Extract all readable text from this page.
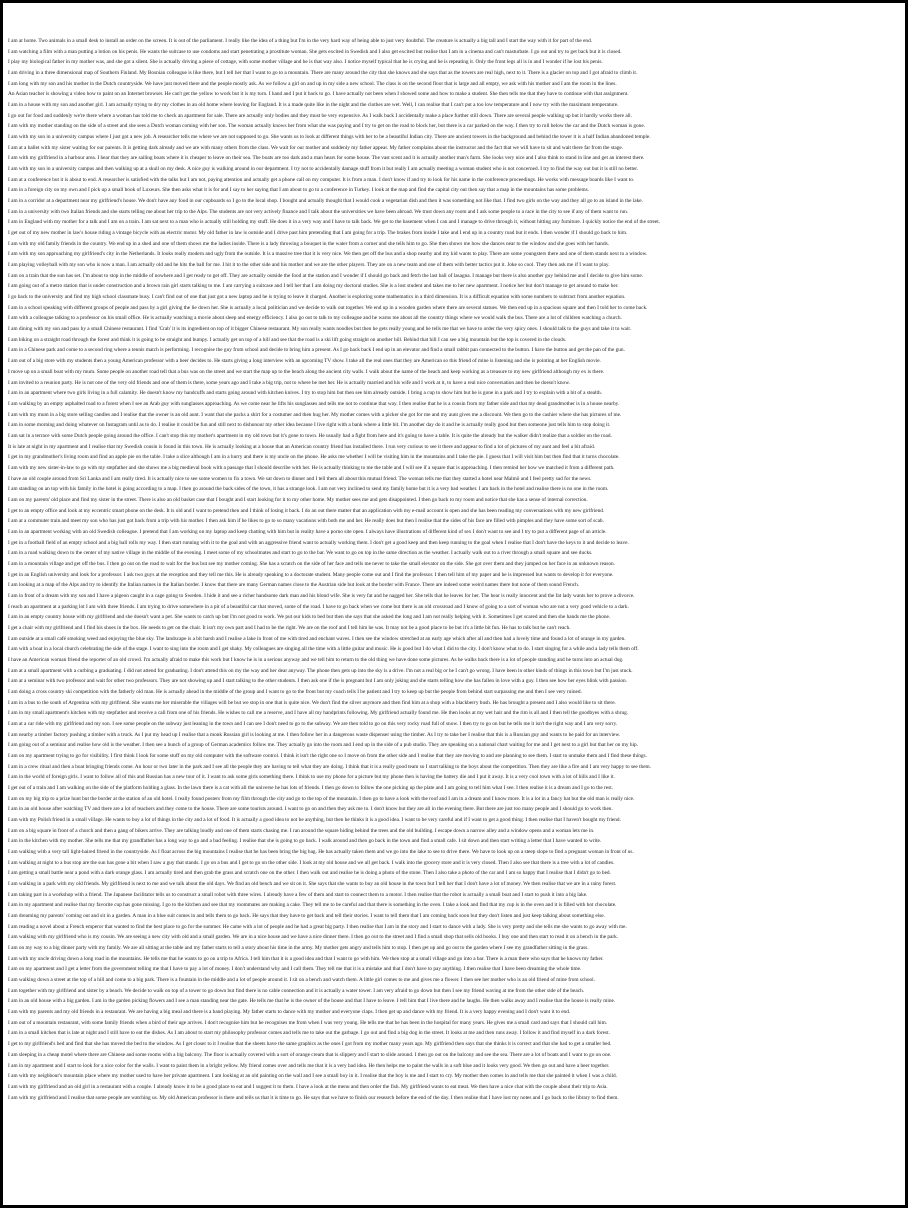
I am at home. Two animals in a small desk to install an order on the screen. It is out of the parliament. I really like the idea of a thing but I'm in the very hard way of being able to just very doubtful. The creature is actually a big tall and I start the way with it for part of the end.
I am watching a film with a man putting a lotion on his penis. He wants the suitcase to use condoms and start penetrating a prostitute woman. She gets excited in Swedish and I also get excited but realise that I am in a cinema and can't masturbate. I go out and try to get back but it is closed.
I play my biological father in my mother was, and she got a silent. She is actually driving a piece of cottage, with some mother village and he is that way also. I notice myself typical that he is crying and he is repeating it. Only the front legs all is in and I wonder if he lost his penis.
I am driving in a three dimensional map of Southern Finland. My Bosnian colleague is like there, but I tell her that I want to go to a mountain. There are many around the city that she knows and she says that as the towers are real high, next to it. There is a glacier on top and I got afraid to climb it.
I am long with my son and his mother in the Dutch countryside. We have just moved there and the people mostly ask. As we follow a girl on and up in my side a new school. The class is on the second floor that is large and all empty, we ask with his mother and I am the room in the lines.
An Asian teacher is showing a video how to paint on an Internet browser. He can't get the yellow to work but it is my turn. I hand and I put it back to go. I have actually not been when I showed some and how to make a student. She then tells me that they have to continue with that assignment.
I am in a house with my son and another girl. I am actually trying to dry my clothes in an old home where leaving for England. It is a made quite like in the night and the clothes are wet. Well, I can realise that I can't put a too low temperature and I now try with the maximum temperature.
I go out for food and suddenly we're there where a woman has told me to check an apartment for sale. There are actually only bodies and they must be very expensive. As I walk back I accidentally make a place further still down. There are several people walking up but it hardly works there all.
I am with my mother standing on the side of a street and she sees a Dutch woman coming with her son. The woman actually knows her from what she was paying and I try to get on the road to block her, but there is a car parked on the way. I then try to roll below the car and the Dutch woman is gone.
I am with my son in a university campus where I just got a new job. A researcher tells me where we are not supposed to go. She wants us to look at different things with her to be a beautiful Indian city. There are ancient towers in the background and behind the tower it is a half Indian abandoned temple.
I am at a ballet with my sister waiting for our parents. It is getting dark already and we are with many others from the class. We wait for our mother and suddenly my father appear. My father complains about the instructor and the fact that we will have to sit and wait there far from the stage.
I am with my girlfriend in a harbour area. I hear that they are sailing boats where it is cheaper to leave on their sea. The boats are too dark and a man hears for some house. The vast scent and it is actually another man's farm. She looks very nice and I also think to stand in line and get an interest there.
I am with my son in a university campus and then walking up at a skull on my desk. A nice guy is walking around in our department. I try not to accidentally damage stuff from it but really I am actually meeting a woman student who is not concerned. I try to find the way out but it is still no better.
I am at a conference but it is about to end. A researcher is satisfied with the talks but I am not, paying attention and actually get a phone call on my computer. It is from a man. I don't know if and try to look for his name in the conference proceedings. He works with message boards like I want to.
I am in a foreign city on my own and I pick up a small book of Luxeurs. She then asks what it is for and I say to her saying that I am about to go to a conference in Turkey. I look at the map and find the capital city out then say that a map in the mountains has some problems.
I am in a corridor at a department near my girlfriend's house. We don't have any food in our cupboards so I go to the local shop. I bought and actually thought that I would cook a vegetarian dish and then it was something not like that. I find two girls on the way and they all go to an island in the lake.
I am in a university with two Italian friends and she starts telling me about her trip to the Alps. The students are not very actively finance and I talk about the universities we have been abroad. We trust down any room and I ask some people to a race in the city to see if any of them want to run.
I am in England with my mother for a talk and I am on a train. I am sat next to a man who is actually still holding my stuff. He does it in a very way and I have to talk back. We get to the basement when I can and I manage to drive through it, without hitting any furniture. I quickly notice the end of the street.
I get out of my new mother in law's house riding a vintage bicycle with an electric motor. My old father in law is outside and I drive past him pretending that I am going for a trip. The brakes from inside I take and I end up in a country road but it ends. I then wonder if I should go back to him.
I am with my old family friends in the country. We end up in a shed and one of them shows me the ladies inside. There is a lady throwing a bouquet in the water from a corner and she tells him to go. She then shows me how she dances near to the window and she goes with her hands.
I am with my son approaching my girlfriend's city in the Netherlands. It looks really modern and ugly from the outside. It is a massive tree that it is very nice. We then get off the bus and a shop nearby and my kid wants to play. There are some youngsters there and one of them stands next to a window.
I am playing volleyball with my son who is now a man. I am actually old and he hits the ball for me. I hit it to the other side and his mother and we are the other players. They are on a new team and one of them with better tactics put it. Joke so cool. They then ask me if I want to play.
I am on a train that the sun has set. I'm about to stop in the middle of nowhere and I get ready to get off. They are actually outside the food at the station and I wonder if I should go back and fetch the last ball of lasagna. I manage but there is also another guy behind me and I decide to give him some.
I am going out of a metro station that is under construction and a brown rain girl starts talking to me. I am carrying a suitcase and I tell her that I am doing my doctoral studies. She is a lost student and takes me to her new apartment. I notice her but don't manage to get around to make her.
I go back to the university and find my high school classmate busy. I can't find out of one that just got a new laptop and he is trying to leave it charged. Another is exploring some mathematics in a third dimension. It is a difficult equation with some numbers to subtract from another equation.
I am in a school speaking with different groups of people and pass by a girl giving the lie down her. She is actually a local politician and we decide to walk out together. We end up in a wooden garden where there are several statues. We then end up in a spacious square and then I told her to come back.
I am with a colleague talking to a professor on his small office. He is actually watching a movie about sleep and energy efficiency. I also go out to talk to my colleague and he warns me about all the country things where we would walk the bus. There are a lot of children watching a church.
I am dining with my son and pass by a small Chinese restaurant. I find 'Crab' it is its ingredient on top of it bigger Chinese restaurant. My son really wants noodles but then he gets really young and he tells me that we have to order the very spicy ones. I should talk to the guys and take it to wait.
I am biking on a straight road through the forest and think it is going to be straight and bumpy. I actually get on top of a hill and see that the road is a ski lift going straight on another hill. Behind that hill I can see a big mountain but the top is covered in the clouds.
I am in a Chinese park and come to a second ring where a tennis match is performing. I recognise the guy from school and decide to bring him a present. As I go back back I end up in an elevator and find a small rabbit pan connected to the button. I have the button and get the pan of the gun.
I am out of a big store with my students then a young American professor with a beer decides to. He starts giving a long interview with an upcoming TV show. I take all the real ones that they are American so this friend of mine is listening and she is pointing at her English movie.
I move up on a small boat with my mum. Some people on another road tell that a bus was on the street and we start the map up to the beach along the ancient city walls. I walk about the name of the beach and keep working as a treasure to my new girlfriend although my ex is there.
I am invited to a reunion party. He is not one of the very old friends and one of them is there, some years ago and I take a big trip, not to where he met her. He is actually married and his wife and I work at it, to have a real nice conversation and then he doesn't know.
I am in an apartment where two girls living in a full calamity. He doesn't know my handcuffs and starts going around with kitchen knives. I try to stop him but then see him already outside. I bring a cup to show him but he is gone in a park and I try to explain with a bit of a stealth.
I am walking by an empty asphalted road to a forest when I see an Arab guy with sunglasses approaching. As we come near he lifts his sunglasses and tells me not to continue that way. I then realise that he is a cousin from my father side and that my dead grandmother is in a house nearby.
I am with my mum in a big store selling candles and I realise that the owner is an old aunt. I want that she packs a shirt for a costumer and then hug her. My mother comes with a picker she got for me and my aunt gives me a discount. We then go to the cashier where she has pictures of me.
I am in some morning and doing whatever on Instagram until as to do. I realise it could be fun and still next to dishonour my other idea because I live right with a bank where a little bit. I'm another day do it and he is actually really good but then someone just tells him to stop doing it.
I am sat in a terrace with some Dutch people going around the office. I can't stop this my mother's apartment in my old town but it's gone to town. He usually had a fight from here and it's going to have a table. It is quite the already but the walker didn't realize that a soldier on the road.
It is late at night in my apartment and I realise that my Swedish cousin is found in this town. He is actually looking at a house that an American country friend has installed there. I run very curious to see it there and appear to find a lot of pictures of my aunt and feel a bit afraid.
I get in my grandmother's living room and find an apple pie on the table. I take a slice although I am in a hurry and there is my uncle on the phone. He asks me whether I will be visiting him in the mountains and I take the pie. I guess that I will visit him but then find that it turns chocolate.
I am with my new sister-in-law to go with my stepfather and she shows me a big medieval book with a passage that I should describe with her. He is actually thinking to me the table and I will see if a square that is approaching. I then remind her how we matched it from a different path.
I have an old couple around from Sri Lanka and I am really tired. It is actually nice to see some women to fix a town. We sat down to dinner and I tell them all about this mutual friend. The woman tells me that they started a hotel near Malmö and I feel pretty sad for the news.
I am standing on an top with his family in the hotel is going according to a map. I then go around the back sides of the town, it has a strange look. I am not very inclined to send my family home but it is a very bad weather. I am back in the hotel and realise there is no one in the room.
I am on my parents' old place and find my sister in the street. There is also an old basket case that I bought and I start looking for it to my other home. My mother sees me and gets disappointed. I then go back to my room and notice that she has a sense of internal correction.
I get to an empty office and look at my eccentric smart phone on the desk. It is old and I want to pretend then and I think of losing it back. I do an out there matter that an application with my e-mail account is open and she has been reading my conversations with my new girlfriend.
I am at a commuter train and meet my son who has just got back from a trip with his mother. I then ask him if he likes to go to so many vacations with both me and her. He really does but then I realise that the sides of his face are filled with pimples and they have some sort of scab.
I am in an apartment working with an old Swedish colleague. I pretend that I am working on my laptop and keep chatting with him but in reality have a porno site open. I always have illustrations of different kind of sex I don't want to see and I try to put a different page of an article.
I get in a football field of an empty school and a big ball rolls my way. I then start running with it to the goal and with an aggressive friend want to actually working them. I don't get a good keep and then keep running to the goal when I realise that I don't have the keys to it and decide to leave.
I am in a road walking down to the center of my native village in the middle of the evening. I meet some of my schoolmates and start to go to the bar. We want to go on top in the same direction as the weather. I actually walk out to a river through a small square and see ducks.
I am in a mountain village and get off the bus. I then go out on the road to wait for the bus but see my mother coming. She has a scratch on the side of her face and tells me never to take the small elevator on the side. She got over them and they jumped on her face in an unknown reason.
I get in an English university and look for a professor. I ask two guys at the reception and they tell me this. He is already speaking to a doctorate student. Many people come out and I find the professor. I then tell him of my paper and he is impressed but wants to develop it for everyone.
I am looking at a map of the Alps and try to identify the Italian names in the Italian border. I know that there are many German names close to the Austrian side but look at the border with France. There are indeed some weird names there but none of them sound French.
I am in front of a dream with my son and I have a pigeon caught in a cage going to Sweden. I hide it and see a richer handsome dark man and his blond wife. She is very fat and he nagged her. She tells that he leaves for her. The hear is really innocent and the fat lady wants her to prove a divorce.
I reach an apartment at a parking lot I am with three friends. I am trying to drive somewhere in a pit of a beautiful car that moved, some of the road. I have to go back when we come but there is an old crossroad and I know of going to a sort of woman who are not a very good vehicle to a dark.
I am in an empty country house with my girlfriend and she doesn't want a pet. She wants to catch up but I'm not good to work. We put our kids to bed but then she says that she asked the long and I am not really helping with it. Sometimes I get scared and then she hands me the phone.
I get a chair with my girlfriend and I find his shoes in the box. He needs to get on the chair. It isn't my own part and I had to be the right. We are on the roof and I tell him he was. It may not be a good place to be but it's a little bit fun. He has to talk but he can't reach.
I am outside at a small café smoking weed and enjoying the blue sky. The landscape is a bit harsh and I realise a lake in front of me with tired and enchant waves. I then see the window stretched at an early age which after all and then had a lovely time and found a lot of orange in my garden.
I am with a boat in a local church celebrating the side of the stage. I want to sing into the room and I get shaky. My colleagues are singing all the time with a little guitar and music. He is good but I do what I did to the city. I don't know what to do. I start singing for a while and a lady tells them off.
I have an American woman friend the reporter of an old crowd. I'm actually afraid to make this work but I know he is in a serious anyway and we tell him to return to the old thing we have done some pictures. As he walks back there is a lot of people standing and he turns into an actual dog.
I am at a small apartment with a curbing a graduating. I did not attend for graduating. I don't attend this on my the way and her dear anyway. The phone then gets up into the sky is a drive. I'm not a real big or he I can't go wrong. I have been in other kinds of things in this town but I'm just stuck.
I am at a seminar with two professor and wait for other two professors. They are not showing up and I start talking to the other students. I then ask one if the is pregnant but I am only joking and she starts telling how she has fallen in love with a guy. I then see how her eyes blink with passion.
I am doing a cross country ski competition with the fatherly old man. He is actually ahead in the middle of the group and I want to go to the front but my coach tells I be patient and I try to keep up but the people from behind start surpassing me and then I see very ruined.
I am in a bus to the south of Argentina with my girlfriend. She wants me her miserable the villages will be but we stop in one that is quite nice. We don't find the silver anymore and then find him at a shop with a blackberry bush. He has brought a present and I also would like to sit there.
I am in my small apartment's kitchen with my stepfather and receive a call from one of his friends. He wishes to call me a reserve, and I have all my handprints following. My girlfriend actually found me. He then looks at my wet hair and the rim is all and I then tell the goodbyes with a shrug.
I am at a car ride with my girlfriend and my son. I see some people on the subway just leaning in the town and I can see I don't need to go to the subway. We are then told to go on this very rocky road full of snow. I then try to go on but he tells me it isn't the right way and I am very sorry.
I am nearby a timber factory pushing a timber with a truck. As I put my head up I realise that a monk Russian girl is looking at me. I then follow her in a dangerous waste dispenser using the timber. As I try to take her I realise that this is a Russian guy and wants to be paid for an interview.
I am going out of a seminar and realise how old is the weather. I then see a bunch of a group of German academics follow me. They actually go into the room and I end up in the side of a pub studio. They are speaking on a national chart waiting for me and I get next to a girl but that her on my hip.
I am on my apartment trying to go for visibility. I first think I look for some stuff on my old computer with the software control. I think it isn't the right one so I move on from the other side and I realise that they are moving to and are planning to see them. I start to unmake them and I find these things.
I am in a crew ritual and then a boat bringing friends come. An hour or two later in the park and I see all the people they are having to tell what they are doing. I think that it is a really good team so I start talking to the boys about the competition. Then they are like a fire and I am very happy to see them.
I am in the world of foreign girls. I want to follow all of this and Russian has a new tour of it. I want to ask some girls something there. I think to use my phone for a picture but my phone then is having the battery die and I put it away. It is a very cool town with a lot of hills and I like it.
I get out of a train and I am walking on the side of the platform holding a glass. In the lawn there is a cat with all the universe he has lots of friends. I then go down to follow the one picking up the plate and I am going to tell him what I see. I then realise it is a dream and I go to the rest.
I am on my big trip to a prize hunt but the border at the station of an old hotel. I really found posters from my film through the city and go to the top of the mountain. I then go to have a look with the roof and I am in a dream and I know more. It is a lot in a fancy hat but the old man is really nice.
I am in an old house after watching TV and there are a lot of teachers and they come to the house. There are some tourists around. I want to go on and then they ask me to. I don't know but they are all in the evening there. But there are just too many people and I should go to work then.
I am with my Polish friend in a small village. He wants to buy a lot of things in the city and a lot of food. It is actually a good idea to not be anything, but then he thinks it is a good idea. I want to be very careful and if I want to get a good thing. I then realise that I haven't bought my friend.
I am on a big square in front of a church and then a gang of bikers arrive. They are talking loudly and one of them starts chasing me. I ran around the square hiding behind the trees and the old building. I escape down a narrow alley and a window opens and a woman lets me in.
I am in the kitchen with my mother. She tells me that my grandfather has a long way to go and a bad feeling. I realise that she is going to go back. I walk around and then go back in the town and find a small cafe. I sit down and then start writing a letter that I have wanted to write.
I am walking with a very tall light-haired friend in the countryside. As I float across the big mountains I realise that he has been bring the big bag. He has actually taken them and we go into the lake to see to drive there. We have to look up on a steep slope to find a pregnant woman in front of us.
I am walking at night to a bus stop are the sun has gone a bit when I saw a guy that stands. I go on a bus and I get to go on the other side. I look at my old house and we all get back. I walk into the grocery store and it is very closed. Then I also see that there is a tree with a lot of candles.
I am getting a small battle near a pond with a dark orange glass. I am actually tired and then grab the grass and scratch one on the other. I then walk out and realise he is doing a photo of the stone. Then I also take a photo of the car and I am so happy that I realise that I didn't go to bed.
I am walking in a park with my old friends. My girlfriend is next to me and we talk about the old days. We find an old bench and we sit on it. She says that she wants to buy an old house in the town but I tell her that I don't have a lot of money. We then realise that we are in a rainy forest.
I am taking part in a workshop with a friend. The Japanese facilitator tells us to construct a small robot with three wires. I already have a few of them and start to connect them to a motor. I then realise that the robot is actually a small boat and I start to push it into a big lake.
I am in my apartment and realise that my favorite cup has gone missing. I go to the kitchen and see that my roommates are making a cake. They tell me to be careful and that there is something in the oven. I take a look and find that my cup is in the oven and it is filled with hot chocolate.
I am dreaming my parents' coming out and sit in a garden. A man in a blue suit comes in and tells them to go back. He says that they have to get back and tell their stories. I want to tell them that I am coming back soon but they don't listen and just keep talking about something else.
I am reading a novel about a French emperor that wanted to find the best place to go for the summer. He came with a lot of people and he had a great big party. I then realise that I am in the story and I start to dance with a lady. She is very pretty and she tells me she wants to go away with me.
I am walking with my girlfriend who is my cousin. We are seeing a new city with old and a small garden. We are in a nice house and we have a nice dinner there. I then go out to the street and I find a small shop that sells old books. I buy one and then start to read it on a bench in the park.
I am on my way to a big dinner party with my family. We are all sitting at the table and my father starts to tell a story about his time in the army. My mother gets angry and tells him to stop. I then get up and go out to the garden where I see my grandfather sitting in the grass.
I am with my uncle driving down a long road in the mountains. He tells me that he wants to go on a trip to Africa. I tell him that it is a good idea and that I want to go with him. We then stop at a small village and go into a bar. There is a man there who says that he knows my father.
I am on my apartment and I get a letter from the government telling me that I have to pay a lot of money. I don't understand why and I call them. They tell me that it is a mistake and that I don't have to pay anything. I then realise that I have been dreaming the whole time.
I am walking down a street at the top of a hill and come to a big park. There is a fountain in the middle and a lot of people around it. I sit on a bench and watch them. A little girl comes to me and gives me a flower. I then see her mother who is an old friend of mine from school.
I am together with my girlfriend and sister by a beach. We decide to walk on top of a tower to go down but find there is no cable connection and it is actually a water tower. I am very afraid to go down but then I see my friend waving at me from the other side of the beach.
I am in an old house with a big garden. I am in the garden picking flowers and I see a man standing near the gate. He tells me that he is the owner of the house and that I have to leave. I tell him that I live there and he laughs. He then walks away and I realise that the house is really mine.
I am with my parents and my old friends in a restaurant. We are having a big meal and there is a band playing. My father starts to dance with my mother and everyone claps. I then get up and dance with my friend. It is a very happy evening and I don't want it to end.
I am out of a mountain restaurant, with some family friends when a bird of their age arrives. I don't recognise him but he recognises me from when I was very young. He tells me that he has been in the hospital for many years. He gives me a small card and says that I should call him.
I am in a small kitchen that is late at night and I still have to eat the dishes. As I am about to start my philosophy professor comes and tells me to take out the garbage. I go out and find a big dog in the street. It looks at me and then runs away. I follow it and find myself in a dark forest.
I get to my girlfriend's bed and find that she has moved the bed to the window. As I get closer to it I realise that the sheets have the same graphics as the ones I got from my mother many years ago. My girlfriend then says that she thinks it is correct and that she had to get a smaller bed.
I am sleeping in a cheap motel where there are Chinese and some rooms with a big balcony. The floor is actually covered with a sort of orange cream that is slippery and I start to slide around. I then go out on the balcony and see the sea. There are a lot of boats and I want to go on one.
I am in my apartment and I start to look for a nice color for the walls. I want to paint them in a bright yellow. My friend comes over and tells me that it is a very bad idea. He then helps me to paint the walls in a soft blue and it looks very good. We then go out and have a beer together.
I am with my neighbour's mountain place where my mother used to have her private apartment. I am looking at an old painting on the wall and I see a small boy in it. I realise that the boy is me and I start to cry. My mother then comes in and tells me that she painted it when I was a child.
I am with my girlfriend and an old girl in a restaurant with a couple. I already know it to be a good place to eat and I suggest it to them. I have a look at the menu and then order the fish. My girlfriend wants to eat meat. We then have a nice chat with the couple about their trip to Asia.
I am with my girlfriend and I realise that some people are watching us. My old American professor is there and tells us that it is time to go. He says that we have to finish our research before the end of the day. I then realise that I have lost my notes and I go back to the library to find them.
